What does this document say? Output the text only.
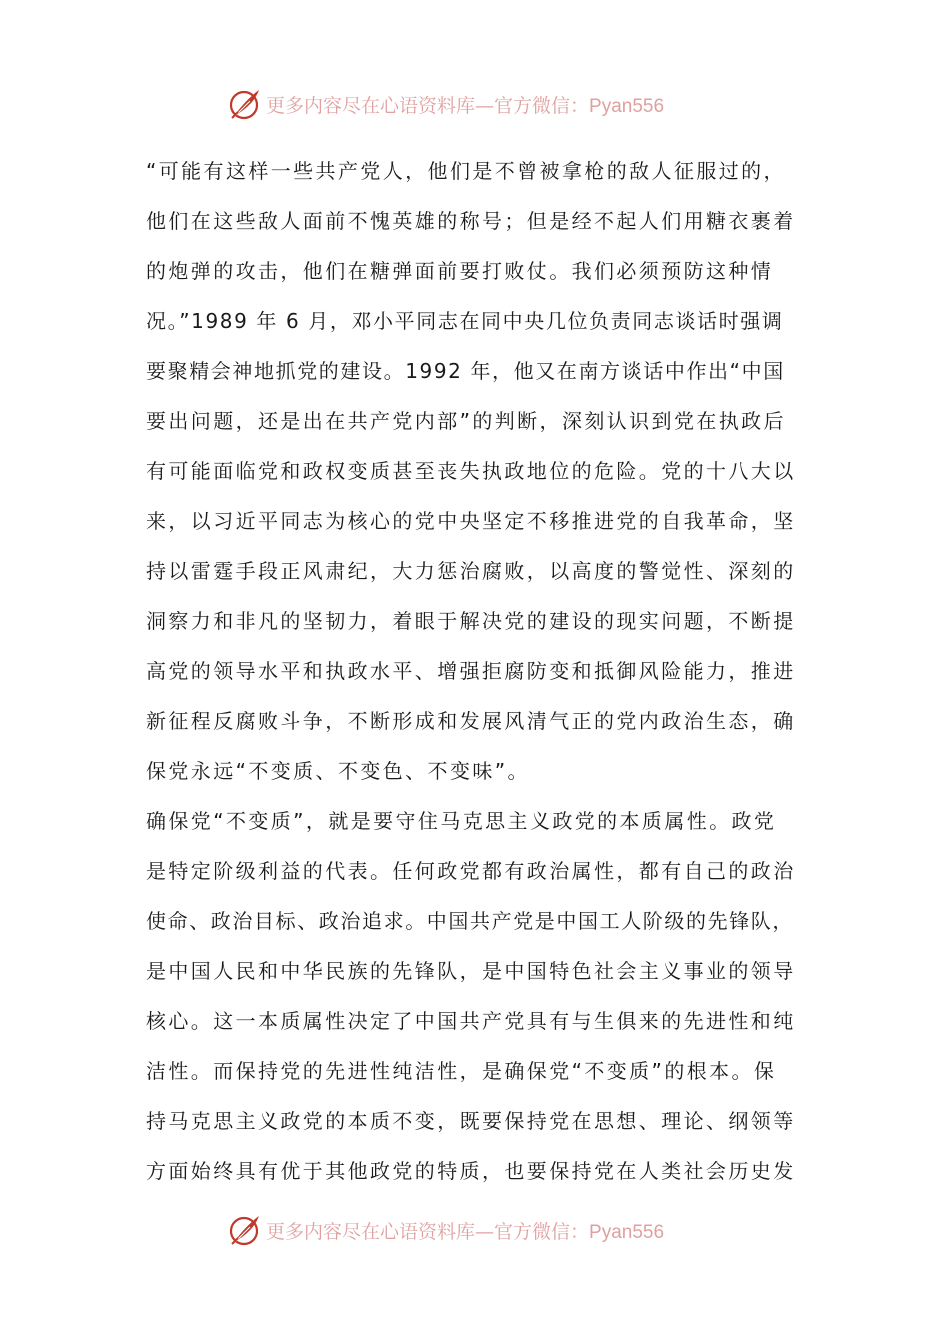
更多内容尽在心语资料库—官方微信：Pyan556
“可能有这样一些共产党人，他们是不曾被拿枪的敌人征服过的，
他们在这些敌人面前不愧英雄的称号；但是经不起人们用糖衣裹着
的炮弹的攻击，他们在糖弹面前要打败仗。我们必须预防这种情
况。”1989 年 6 月，邓小平同志在同中央几位负责同志谈话时强调
要聚精会神地抓党的建设。1992 年，他又在南方谈话中作出“中国
要出问题，还是出在共产党内部”的判断，深刻认识到党在执政后
有可能面临党和政权变质甚至丧失执政地位的危险。党的十八大以
来，以习近平同志为核心的党中央坚定不移推进党的自我革命，坚
持以雷霆手段正风肃纪，大力惩治腐败，以高度的警觉性、深刻的
洞察力和非凡的坚韧力，着眼于解决党的建设的现实问题，不断提
高党的领导水平和执政水平、增强拒腐防变和抵御风险能力，推进
新征程反腐败斗争，不断形成和发展风清气正的党内政治生态，确
保党永远“不变质、不变色、不变味”。
确保党“不变质”，就是要守住马克思主义政党的本质属性。政党
是特定阶级利益的代表。任何政党都有政治属性，都有自己的政治
使命、政治目标、政治追求。中国共产党是中国工人阶级的先锋队，
是中国人民和中华民族的先锋队，是中国特色社会主义事业的领导
核心。这一本质属性决定了中国共产党具有与生俱来的先进性和纯
洁性。而保持党的先进性纯洁性，是确保党“不变质”的根本。保
持马克思主义政党的本质不变，既要保持党在思想、理论、纲领等
方面始终具有优于其他政党的特质，也要保持党在人类社会历史发
更多内容尽在心语资料库—官方微信：Pyan556
